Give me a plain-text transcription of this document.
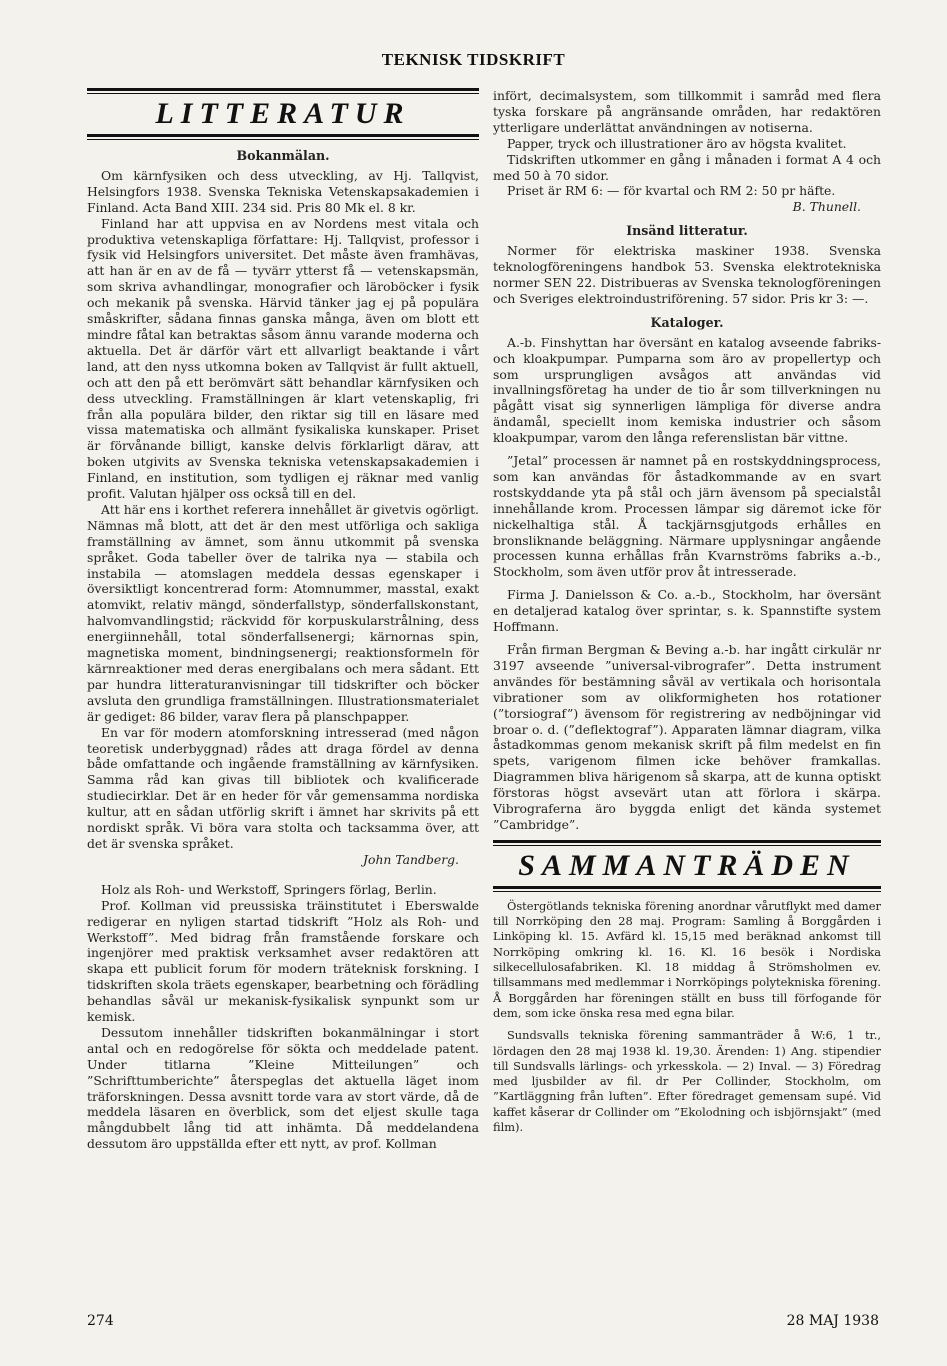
TEKNISK TIDSKRIFT
LITTERATUR
Bokanmälan.

Om kärnfysiken och dess utveckling, av Hj. Tallqvist, Helsingfors 1938. Svenska Tekniska Vetenskapsakademien i Finland. Acta Band XIII. 234 sid. Pris 80 Mk el. 8 kr.

Finland har att uppvisa en av Nordens mest vitala och produktiva vetenskapliga författare: Hj. Tallqvist, professor i fysik vid Helsingfors universitet. Det måste även framhävas, att han är en av de få — tyvärr ytterst få — vetenskapsmän, som skriva avhandlingar, monografier och läroböcker i fysik och mekanik på svenska. Härvid tänker jag ej på populära småskrifter, sådana finnas ganska många, även om blott ett mindre fåtal kan betraktas såsom ännu varande moderna och aktuella. Det är därför värt ett allvarligt beaktande i vårt land, att den nyss utkomna boken av Tallqvist är fullt aktuell, och att den på ett berömvärt sätt behandlar kärnfysiken och dess utveckling. Framställningen är klart vetenskaplig, fri från alla populära bilder, den riktar sig till en läsare med vissa matematiska och allmänt fysikaliska kunskaper. Priset är förvånande billigt, kanske delvis förklarligt därav, att boken utgivits av Svenska tekniska vetenskapsakademien i Finland, en institution, som tydligen ej räknar med vanlig profit. Valutan hjälper oss också till en del.

Att här ens i korthet referera innehållet är givetvis ogörligt. Nämnas må blott, att det är den mest utförliga och sakliga framställning av ämnet, som ännu utkommit på svenska språket. Goda tabeller över de talrika nya — stabila och instabila — atomslagen meddela dessas egenskaper i översiktligt koncentrerad form: Atomnummer, masstal, exakt atomvikt, relativ mängd, sönderfallstyp, sönderfallskonstant, halvomvandlingstid; räckvidd för korpuskularstrålning, dess energiinnehåll, total sönderfallsenergi; kärnornas spin, magnetiska moment, bindningsenergi; reaktionsformeln för kärnreaktioner med deras energibalans och mera sådant. Ett par hundra litteraturanvisningar till tidskrifter och böcker avsluta den grundliga framställningen. Illustrationsmaterialet är gediget: 86 bilder, varav flera på planschpapper.

En var för modern atomforskning intresserad (med någon teoretisk underbyggnad) rådes att draga fördel av denna både omfattande och ingående framställning av kärnfysiken. Samma råd kan givas till bibliotek och kvalificerade studiecirklar. Det är en heder för vår gemensamma nordiska kultur, att en sådan utförlig skrift i ämnet har skrivits på ett nordiskt språk. Vi böra vara stolta och tacksamma över, att det är svenska språket.

John Tandberg.

Holz als Roh- und Werkstoff, Springers förlag, Berlin.

Prof. Kollman vid preussiska träinstitutet i Eberswalde redigerar en nyligen startad tidskrift ”Holz als Roh- und Werkstoff”. Med bidrag från framstående forskare och ingenjörer med praktisk verksamhet avser redaktören att skapa ett publicit forum för modern träteknisk forskning. I tidskriften skola träets egenskaper, bearbetning och förädling behandlas såväl ur mekanisk-fysikalisk synpunkt som ur kemisk.

Dessutom innehåller tidskriften bokanmälningar i stort antal och en redogörelse för sökta och meddelade patent. Under titlarna ”Kleine Mitteilungen” och ”Schrifttumberichte” återspeglas det aktuella läget inom träforskningen. Dessa avsnitt torde vara av stort värde, då de meddela läsaren en överblick, som det eljest skulle taga mångdubbelt lång tid att inhämta. Då meddelandena dessutom äro uppställda efter ett nytt, av prof. Kollman

infört, decimalsystem, som tillkommit i samråd med flera tyska forskare på angränsande områden, har redaktören ytterligare underlättat användningen av notiserna.

Papper, tryck och illustrationer äro av högsta kvalitet.

Tidskriften utkommer en gång i månaden i format A 4 och med 50 à 70 sidor.

Priset är RM 6: — för kvartal och RM 2: 50 pr häfte.

B. Thunell.
Insänd litteratur.

Normer för elektriska maskiner 1938. Svenska teknologföreningens handbok 53. Svenska elektrotekniska normer SEN 22. Distribueras av Svenska teknologföreningen och Sveriges elektroindustriförening. 57 sidor. Pris kr 3: —.

Kataloger.

A.-b. Finshyttan har översänt en katalog avseende fabriks- och kloakpumpar. Pumparna som äro av propellertyp och som ursprungligen avsågos att användas vid invallningsföretag ha under de tio år som tillverkningen nu pågått visat sig synnerligen lämpliga för diverse andra ändamål, speciellt inom kemiska industrier och såsom kloakpumpar, varom den långa referenslistan bär vittne.

”Jetal” processen är namnet på en rostskyddningsprocess, som kan användas för åstadkommande av en svart rostskyddande yta på stål och järn ävensom på specialstål innehållande krom. Processen lämpar sig däremot icke för nickelhaltiga stål. Å tackjärnsgjutgods erhålles en bronsliknande beläggning. Närmare upplysningar angående processen kunna erhållas från Kvarnströms fabriks a.-b., Stockholm, som även utför prov åt intresserade.

Firma J. Danielsson & Co. a.-b., Stockholm, har översänt en detaljerad katalog över sprintar, s. k. Spannstifte system Hoffmann.

Från firman Bergman & Beving a.-b. har ingått cirkulär nr 3197 avseende ”universal-vibrografer”. Detta instrument användes för bestämning såväl av vertikala och horisontala vibrationer som av olikformigheten hos rotationer (”torsiograf”) ävensom för registrering av nedböjningar vid broar o. d. (”deflektograf”). Apparaten lämnar diagram, vilka åstadkommas genom mekanisk skrift på film medelst en fin spets, varigenom filmen icke behöver framkallas. Diagrammen bliva härigenom så skarpa, att de kunna optiskt förstoras högst avsevärt utan att förlora i skärpa. Vibrograferna äro byggda enligt det kända systemet ”Cambridge”.

SAMMANTRÄDEN

Östergötlands tekniska förening anordnar vårutflykt med damer till Norrköping den 28 maj. Program: Samling å Borggården i Linköping kl. 15. Avfärd kl. 15,15 med beräknad ankomst till Norrköping omkring kl. 16. Kl. 16 besök i Nordiska silkecellulosafabriken. Kl. 18 middag å Strömsholmen ev. tillsammans med medlemmar i Norrköpings polytekniska förening. Å Borggården har föreningen ställt en buss till förfogande för dem, som icke önska resa med egna bilar.

Sundsvalls tekniska förening sammanträder å W:6, 1 tr., lördagen den 28 maj 1938 kl. 19,30. Ärenden: 1) Ang. stipendier till Sundsvalls lärlings- och yrkesskola. — 2) Inval. — 3) Föredrag med ljusbilder av fil. dr Per Collinder, Stockholm, om ”Kartläggning från luften”. Efter föredraget gemensam supé. Vid kaffet kåserar dr Collinder om ”Ekolodning och isbjörnsjakt” (med film).

274	28 MAJ 1938
